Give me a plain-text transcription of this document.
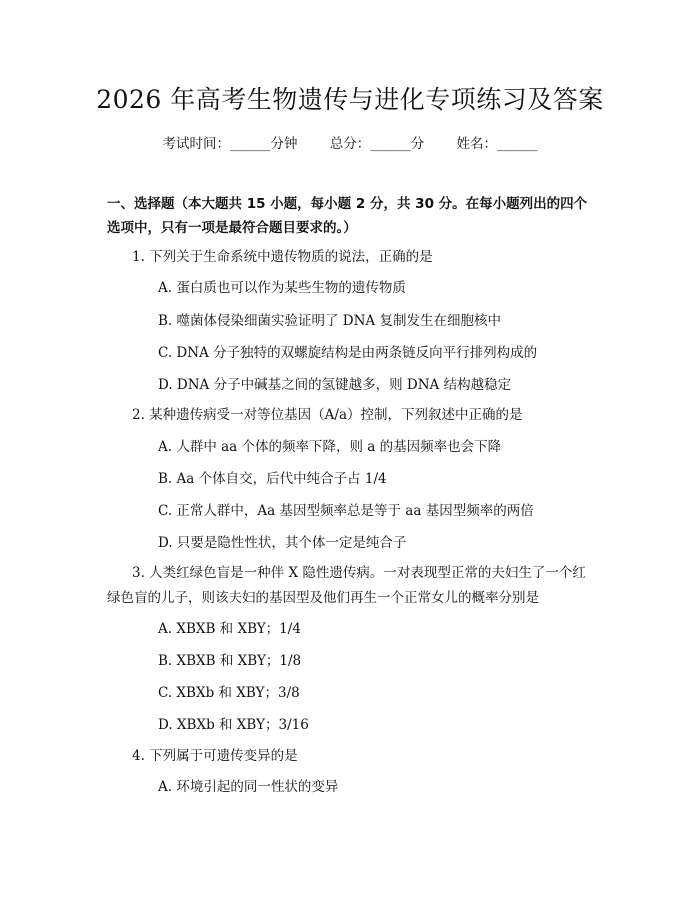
2026 年高考生物遗传与进化专项练习及答案
考试时间：______分钟 总分：______分 姓名：______
一、选择题（本大题共 15 小题，每小题 2 分，共 30 分。在每小题列出的四个选项中，只有一项是最符合题目要求的。）
1. 下列关于生命系统中遗传物质的说法，正确的是
A. 蛋白质也可以作为某些生物的遗传物质
B. 噬菌体侵染细菌实验证明了 DNA 复制发生在细胞核中
C. DNA 分子独特的双螺旋结构是由两条链反向平行排列构成的
D. DNA 分子中碱基之间的氢键越多，则 DNA 结构越稳定
2. 某种遗传病受一对等位基因（A/a）控制，下列叙述中正确的是
A. 人群中 aa 个体的频率下降，则 a 的基因频率也会下降
B. Aa 个体自交，后代中纯合子占 1/4
C. 正常人群中，Aa 基因型频率总是等于 aa 基因型频率的两倍
D. 只要是隐性性状，其个体一定是纯合子
3. 人类红绿色盲是一种伴 X 隐性遗传病。一对表现型正常的夫妇生了一个红绿色盲的儿子，则该夫妇的基因型及他们再生一个正常女儿的概率分别是
A. XBXB 和 XBY；1/4
B. XBXB 和 XBY；1/8
C. XBXb 和 XBY；3/8
D. XBXb 和 XBY；3/16
4. 下列属于可遗传变异的是
A. 环境引起的同一性状的变异
